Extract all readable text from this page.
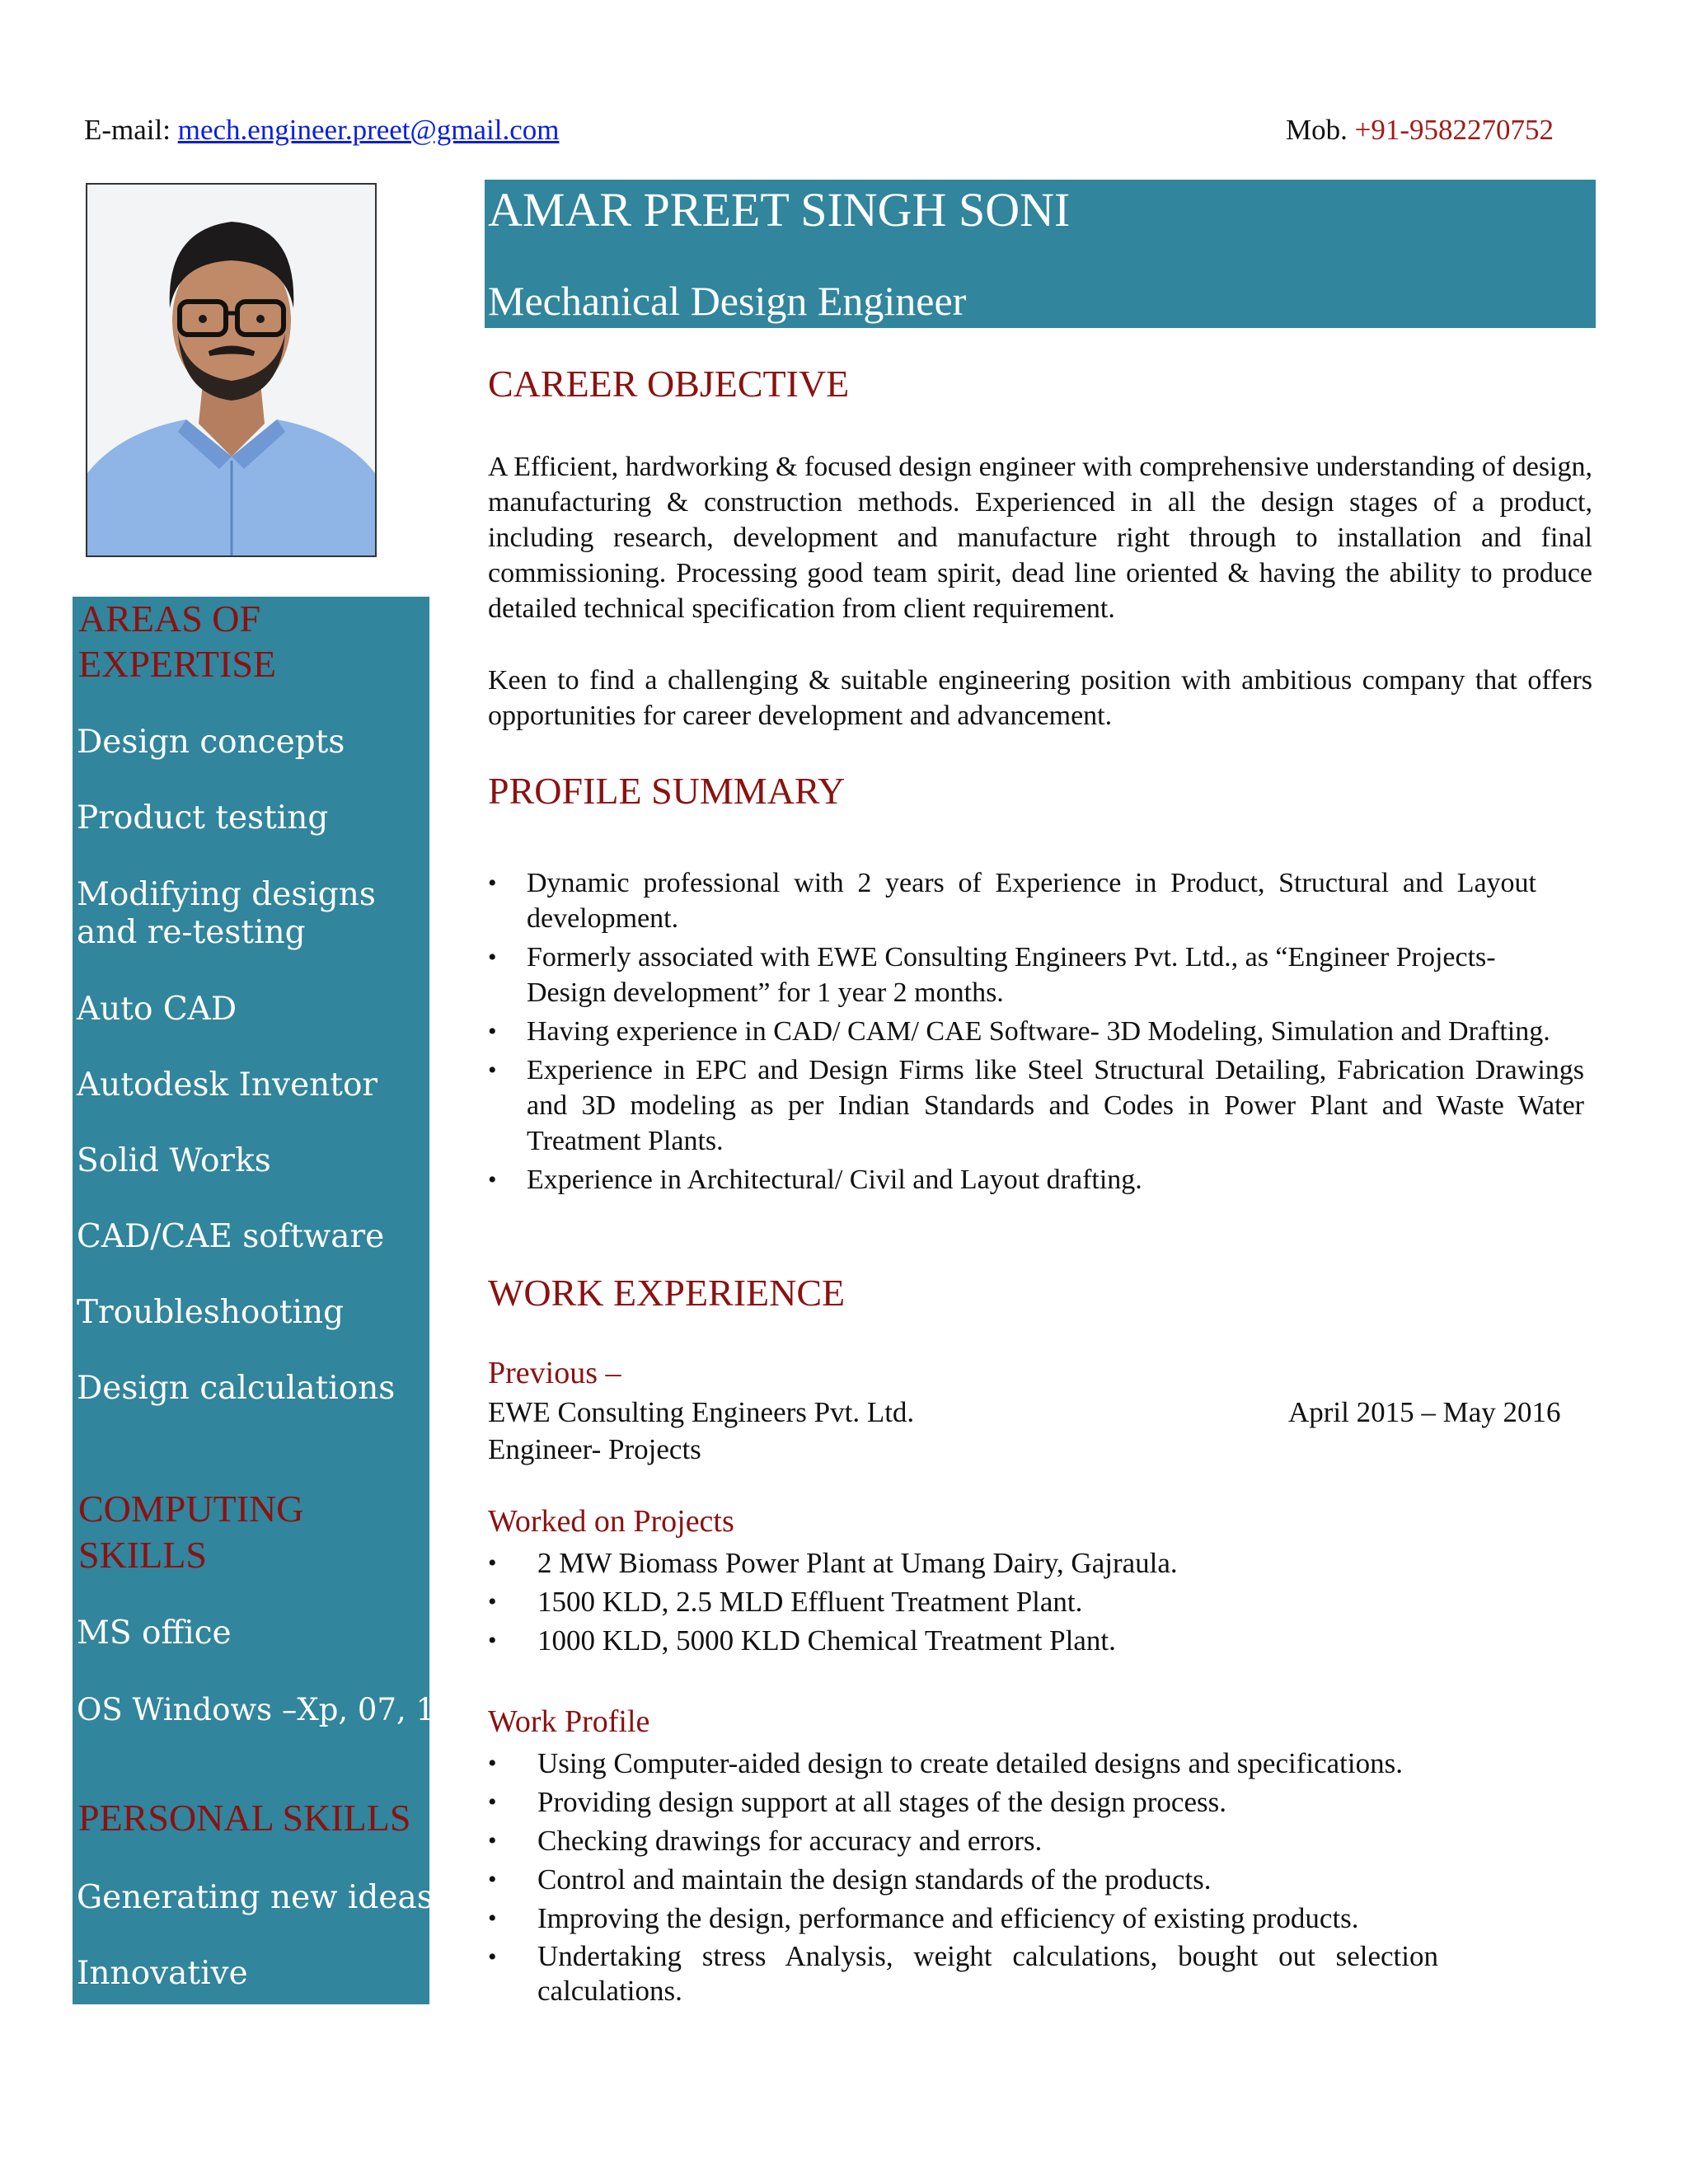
E-mail: mech.engineer.preet@gmail.com	Mob. +91-9582270752
AMAR PREET SINGH SONI
Mechanical Design Engineer
AREAS OF
EXPERTISE
Design concepts
Product testing
Modifying designs
and re-testing
Auto CAD
Autodesk Inventor
Solid Works
CAD/CAE software
Troubleshooting
Design calculations
COMPUTING
SKILLS
MS office
OS Windows –Xp, 07, 10
PERSONAL SKILLS
Generating new ideas
Innovative
CAREER OBJECTIVE
A Efficient, hardworking & focused design engineer with comprehensive understanding of design, manufacturing & construction methods. Experienced in all the design stages of a product, including research, development and manufacture right through to installation and final commissioning. Processing good team spirit, dead line oriented & having the ability to produce detailed technical specification from client requirement.
Keen to find a challenging & suitable engineering position with ambitious company that offers opportunities for career development and advancement.
PROFILE SUMMARY
• Dynamic professional with 2 years of Experience in Product, Structural and Layout development.
• Formerly associated with EWE Consulting Engineers Pvt. Ltd., as “Engineer Projects- Design development” for 1 year 2 months.
• Having experience in CAD/ CAM/ CAE Software- 3D Modeling, Simulation and Drafting.
• Experience in EPC and Design Firms like Steel Structural Detailing, Fabrication Drawings and 3D modeling as per Indian Standards and Codes in Power Plant and Waste Water Treatment Plants.
• Experience in Architectural/ Civil and Layout drafting.
WORK EXPERIENCE
Previous –
EWE Consulting Engineers Pvt. Ltd.	April 2015 – May 2016
Engineer- Projects
Worked on Projects
• 2 MW Biomass Power Plant at Umang Dairy, Gajraula.
• 1500 KLD, 2.5 MLD Effluent Treatment Plant.
• 1000 KLD, 5000 KLD Chemical Treatment Plant.
Work Profile
• Using Computer-aided design to create detailed designs and specifications.
• Providing design support at all stages of the design process.
• Checking drawings for accuracy and errors.
• Control and maintain the design standards of the products.
• Improving the design, performance and efficiency of existing products.
• Undertaking stress Analysis, weight calculations, bought out selection calculations.
